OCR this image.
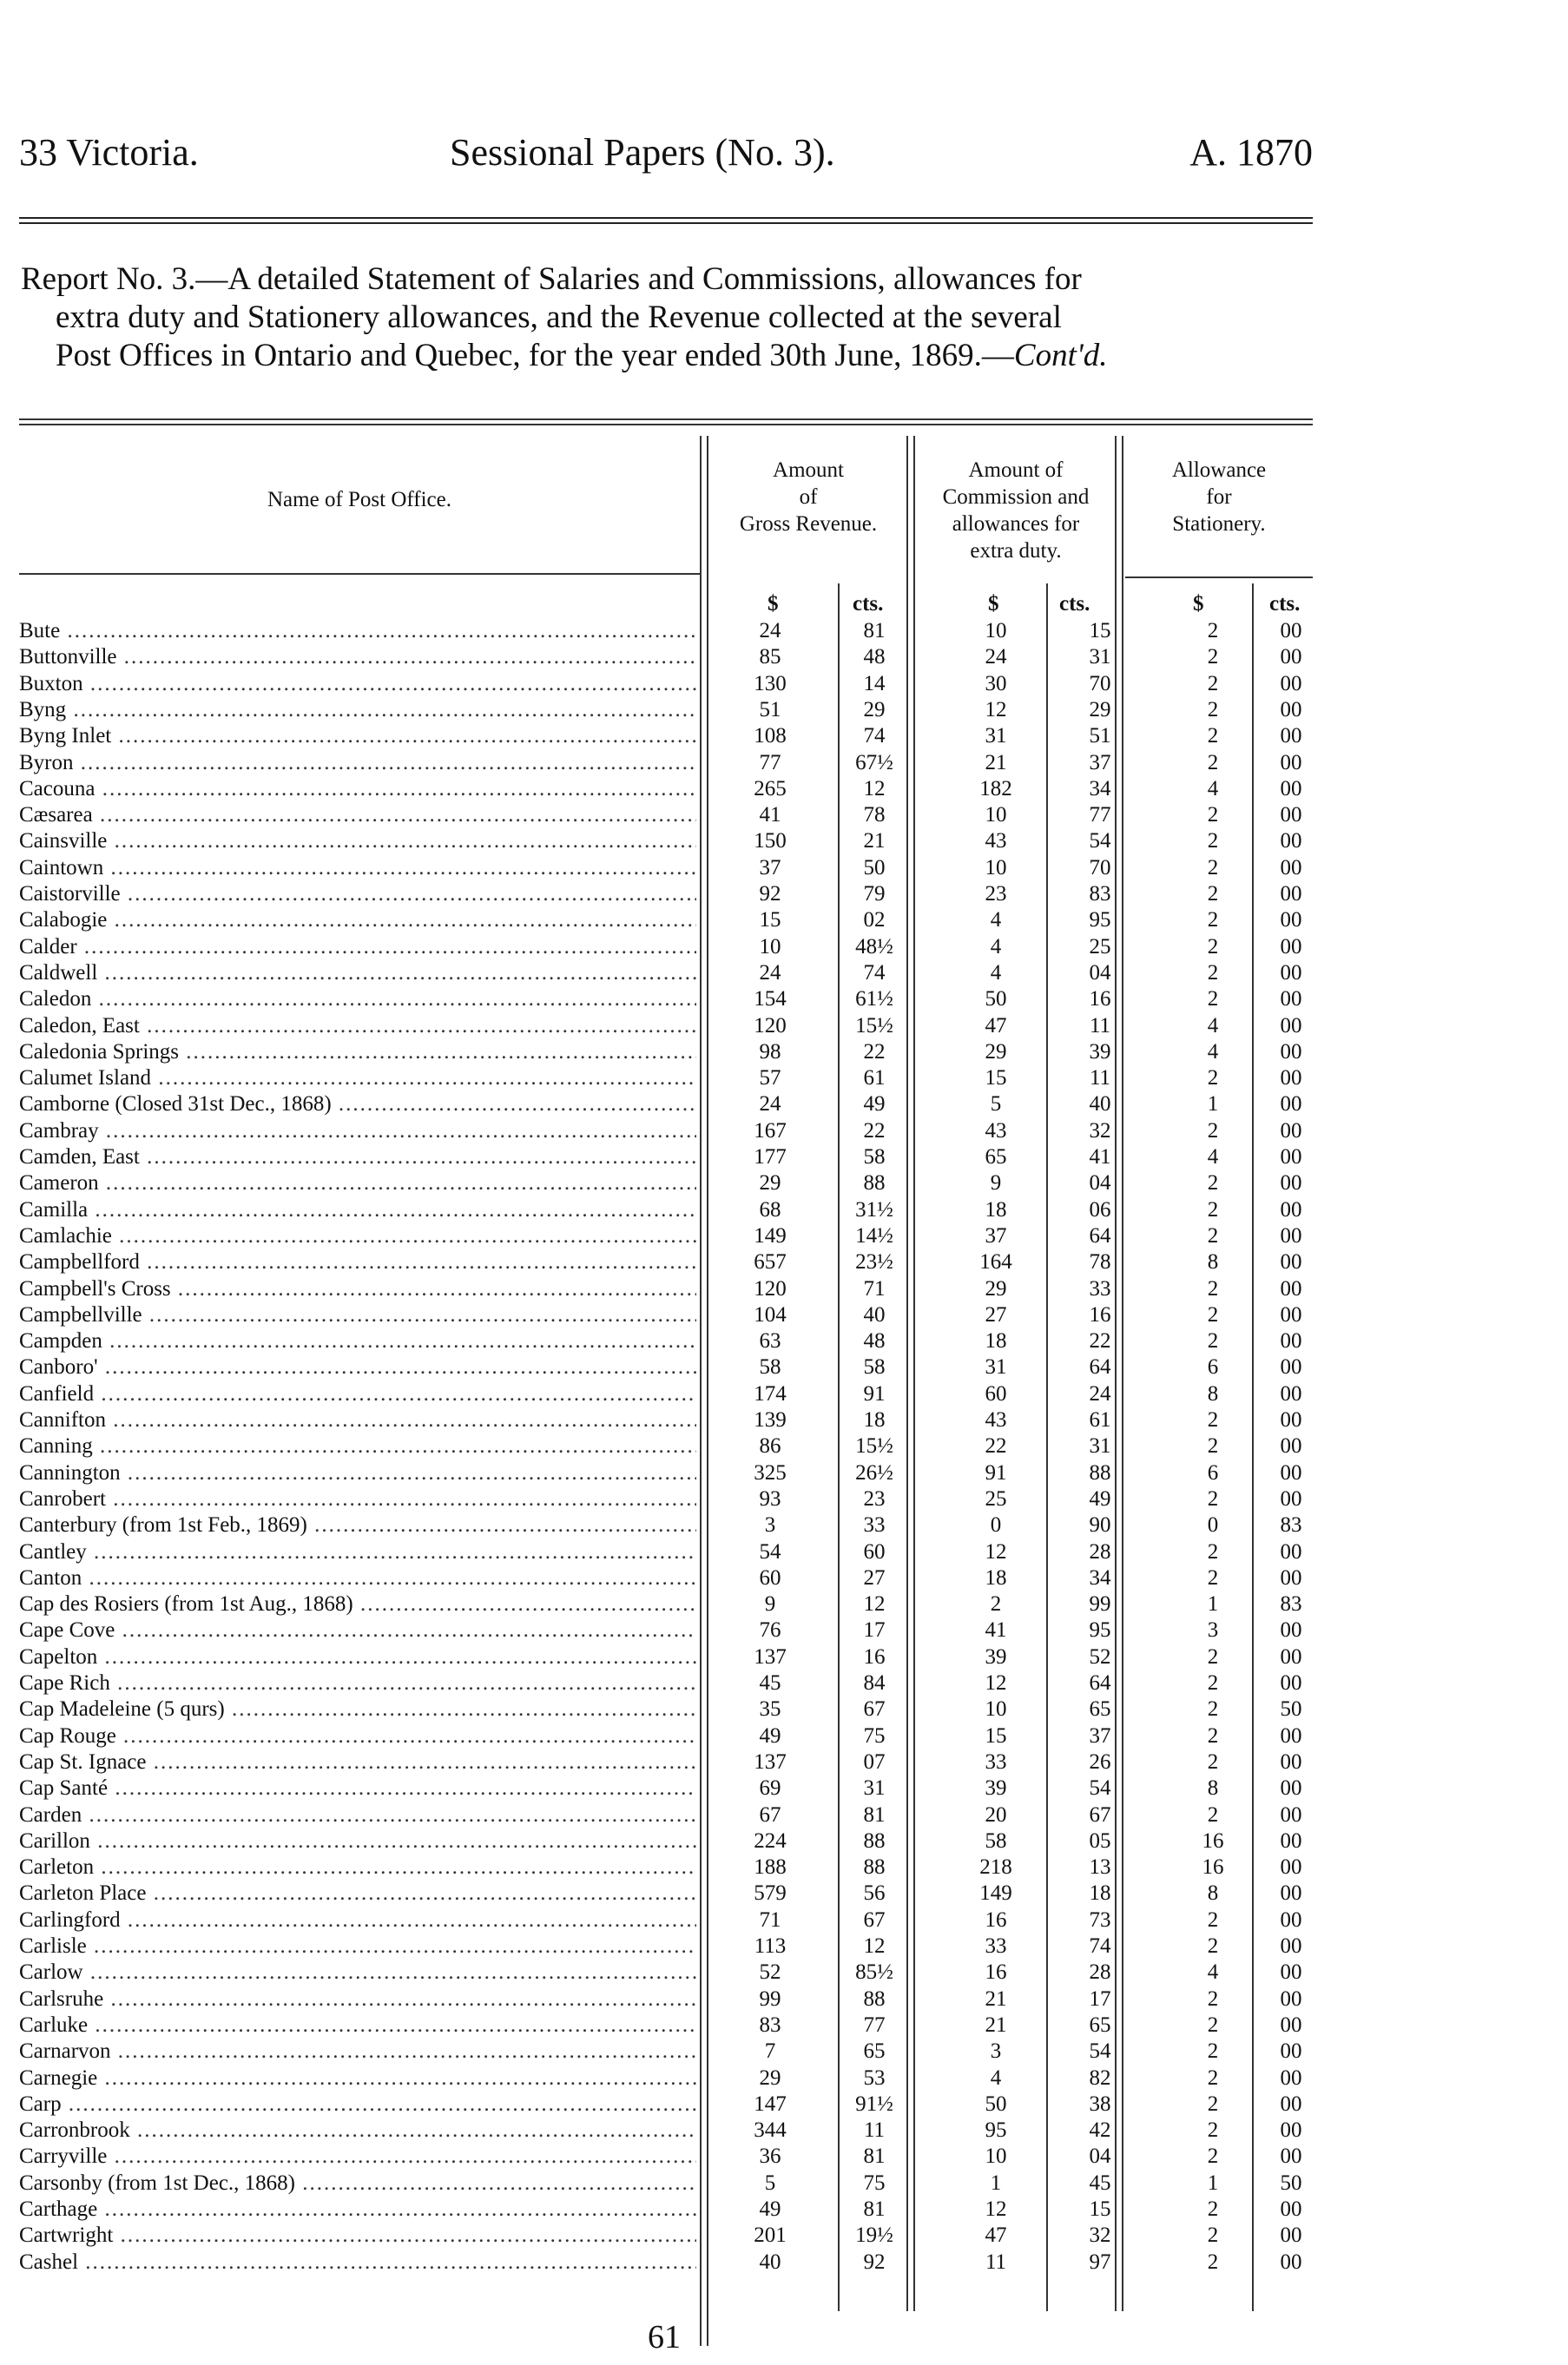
33 Victoria.	Sessional Papers (No. 3).	A. 1870
Report No. 3.—A detailed Statement of Salaries and Commissions, allowances for
extra duty and Stationery allowances, and the Revenue collected at the several
Post Offices in Ontario and Quebec, for the year ended 30th June, 1869.—Cont'd.
Name of Post Office.
Amount
of
Gross Revenue.
Amount of
Commission and
allowances for
extra duty.
Allowance
for
Stationery.
$	cts.	$	cts.	$	cts.
Bute .....	24	81	10	15	2	00
Buttonville .....	85	48	24	31	2	00
Buxton .....	130	14	30	70	2	00
Byng .....	51	29	12	29	2	00
Byng Inlet .....	108	74	31	51	2	00
Byron .....	77	67½	21	37	2	00
Cacouna .....	265	12	182	34	4	00
Cæsarea .....	41	78	10	77	2	00
Cainsville .....	150	21	43	54	2	00
Caintown .....	37	50	10	70	2	00
Caistorville .....	92	79	23	83	2	00
Calabogie .....	15	02	4	95	2	00
Calder .....	10	48½	4	25	2	00
Caldwell .....	24	74	4	04	2	00
Caledon .....	154	61½	50	16	2	00
Caledon, East .....	120	15½	47	11	4	00
Caledonia Springs .....	98	22	29	39	4	00
Calumet Island .....	57	61	15	11	2	00
Camborne (Closed 31st Dec., 1868) .....	24	49	5	40	1	00
Cambray .....	167	22	43	32	2	00
Camden, East .....	177	58	65	41	4	00
Cameron .....	29	88	9	04	2	00
Camilla .....	68	31½	18	06	2	00
Camlachie .....	149	14½	37	64	2	00
Campbellford .....	657	23½	164	78	8	00
Campbell's Cross .....	120	71	29	33	2	00
Campbellville .....	104	40	27	16	2	00
Campden .....	63	48	18	22	2	00
Canboro' .....	58	58	31	64	6	00
Canfield .....	174	91	60	24	8	00
Cannifton .....	139	18	43	61	2	00
Canning .....	86	15½	22	31	2	00
Cannington .....	325	26½	91	88	6	00
Canrobert .....	93	23	25	49	2	00
Canterbury (from 1st Feb., 1869) .....	3	33	0	90	0	83
Cantley .....	54	60	12	28	2	00
Canton .....	60	27	18	34	2	00
Cap des Rosiers (from 1st Aug., 1868) .....	9	12	2	99	1	83
Cape Cove .....	76	17	41	95	3	00
Capelton .....	137	16	39	52	2	00
Cape Rich .....	45	84	12	64	2	00
Cap Madeleine (5 qurs) .....	35	67	10	65	2	50
Cap Rouge .....	49	75	15	37	2	00
Cap St. Ignace .....	137	07	33	26	2	00
Cap Santé .....	69	31	39	54	8	00
Carden .....	67	81	20	67	2	00
Carillon .....	224	88	58	05	16	00
Carleton .....	188	88	218	13	16	00
Carleton Place .....	579	56	149	18	8	00
Carlingford .....	71	67	16	73	2	00
Carlisle .....	113	12	33	74	2	00
Carlow .....	52	85½	16	28	4	00
Carlsruhe .....	99	88	21	17	2	00
Carluke .....	83	77	21	65	2	00
Carnarvon .....	7	65	3	54	2	00
Carnegie .....	29	53	4	82	2	00
Carp .....	147	91½	50	38	2	00
Carronbrook .....	344	11	95	42	2	00
Carryville .....	36	81	10	04	2	00
Carsonby (from 1st Dec., 1868) .....	5	75	1	45	1	50
Carthage .....	49	81	12	15	2	00
Cartwright .....	201	19½	47	32	2	00
Cashel .....	40	92	11	97	2	00
61
